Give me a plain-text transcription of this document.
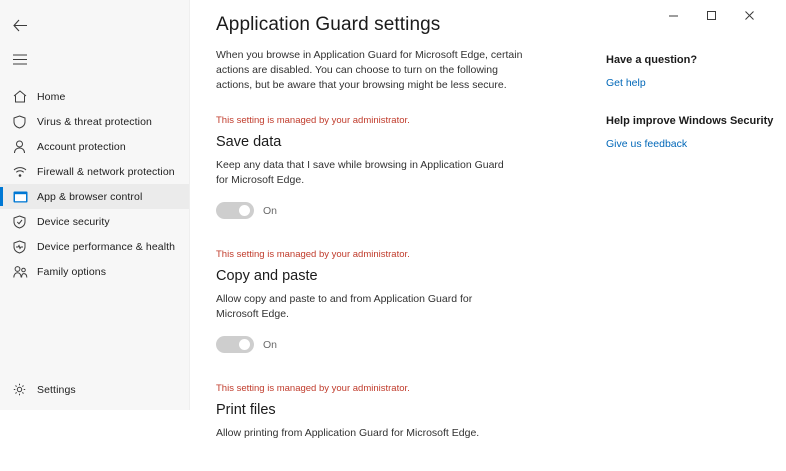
Home
Virus & threat protection
Account protection
Firewall & network protection
App & browser control
Device security
Device performance & health
Family options
Settings
Application Guard settings

When you browse in Application Guard for Microsoft Edge, certain actions are disabled. You can choose to turn on the following actions, but be aware that your browsing might be less secure.

This setting is managed by your administrator.
Save data

Keep any data that I save while browsing in Application Guard for Microsoft Edge.

On
This setting is managed by your administrator.
Copy and paste

Allow copy and paste to and from Application Guard for Microsoft Edge.

On
This setting is managed by your administrator.
Print files

Allow printing from Application Guard for Microsoft Edge.

Have a question?
Get help
Help improve Windows Security
Give us feedback
